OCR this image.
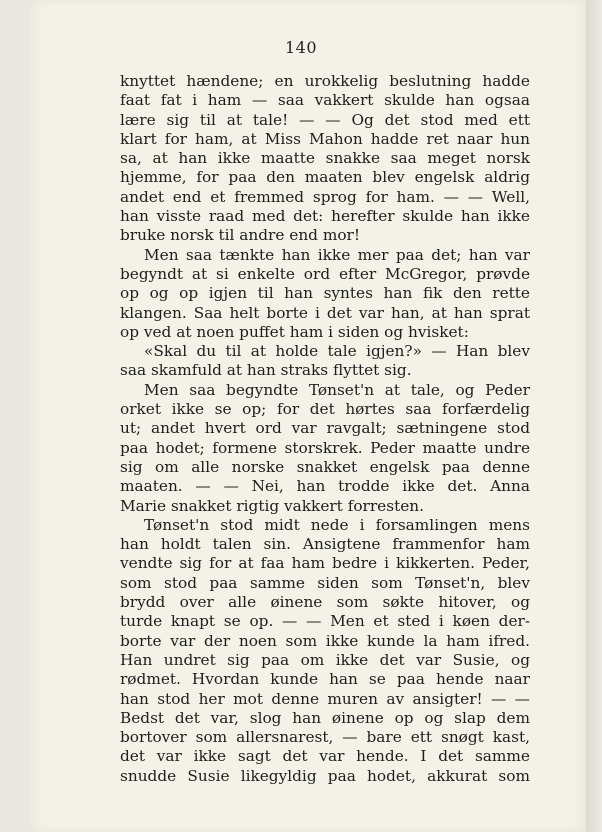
140
knyttet hændene; en urokkelig beslutning hadde
faat fat i ham — saa vakkert skulde han ogsaa
lære sig til at tale! — — Og det stod med ett
klart for ham, at Miss Mahon hadde ret naar hun
sa, at han ikke maatte snakke saa meget norsk
hjemme, for paa den maaten blev engelsk aldrig
andet end et fremmed sprog for ham. — — Well,
han visste raad med det: herefter skulde han ikke
bruke norsk til andre end mor!
Men saa tænkte han ikke mer paa det; han var
begyndt at si enkelte ord efter McGregor, prøvde
op og op igjen til han syntes han fik den rette
klangen. Saa helt borte i det var han, at han sprat
op ved at noen puffet ham i siden og hvisket:
«Skal du til at holde tale igjen?» — Han blev
saa skamfuld at han straks flyttet sig.
Men saa begyndte Tønset'n at tale, og Peder
orket ikke se op; for det hørtes saa forfærdelig
ut; andet hvert ord var ravgalt; sætningene stod
paa hodet; formene storskrek. Peder maatte undre
sig om alle norske snakket engelsk paa denne
maaten. — — Nei, han trodde ikke det. Anna
Marie snakket rigtig vakkert forresten.
Tønset'n stod midt nede i forsamlingen mens
han holdt talen sin. Ansigtene frammenfor ham
vendte sig for at faa ham bedre i kikkerten. Peder,
som stod paa samme siden som Tønset'n, blev
brydd over alle øinene som søkte hitover, og
turde knapt se op. — — Men et sted i køen der-
borte var der noen som ikke kunde la ham ifred.
Han undret sig paa om ikke det var Susie, og
rødmet. Hvordan kunde han se paa hende naar
han stod her mot denne muren av ansigter! — —
Bedst det var, slog han øinene op og slap dem
bortover som allersnarest, — bare ett snøgt kast,
det var ikke sagt det var hende. I det samme
snudde Susie likegyldig paa hodet, akkurat som
